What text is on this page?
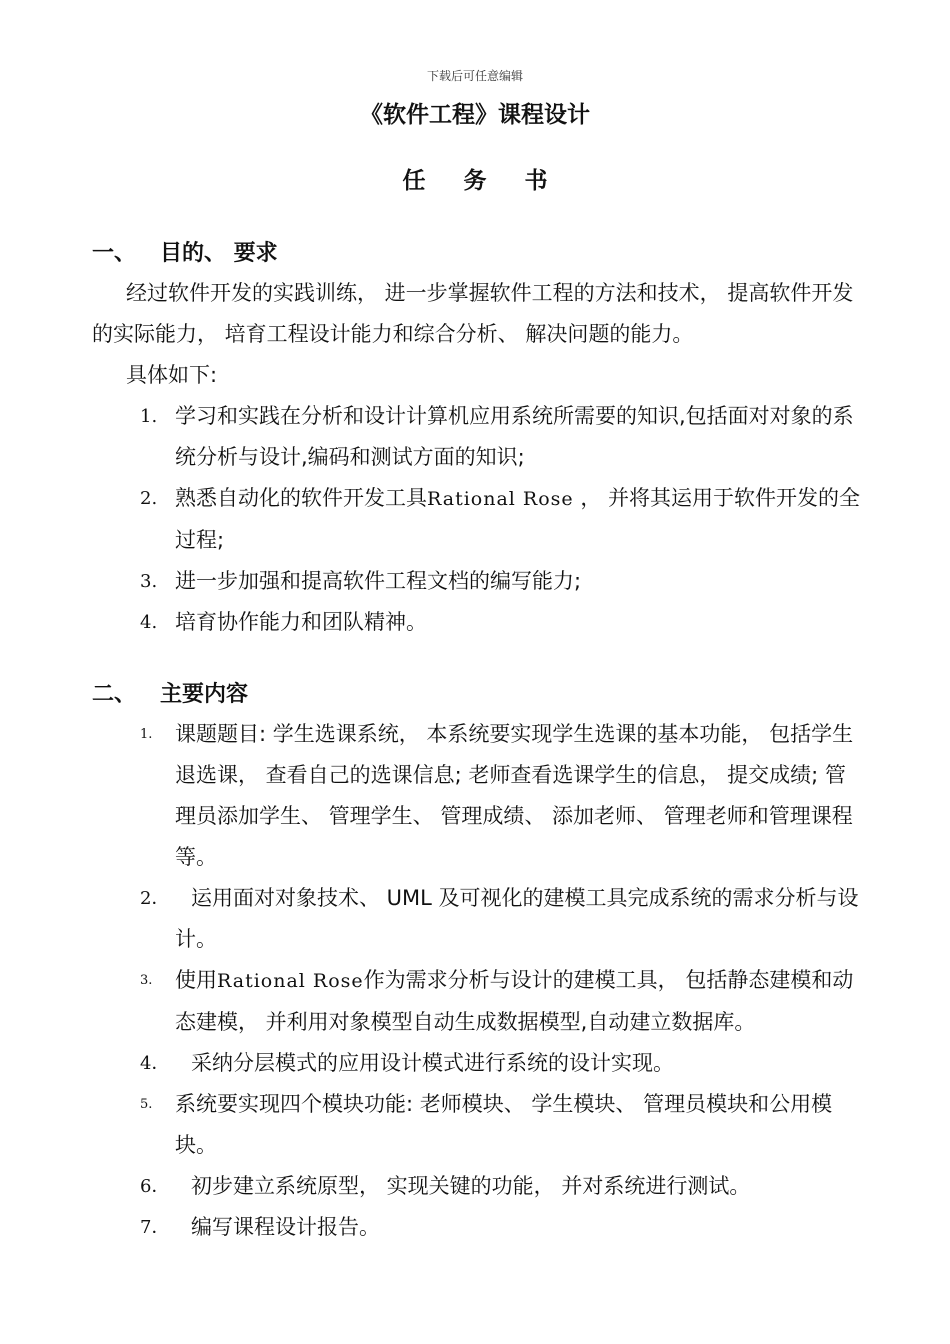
下载后可任意编辑
《软件工程》课程设计
任 务 书
一、 目的、 要求
经过软件开发的实践训练， 进一步掌握软件工程的方法和技术， 提高软件开发的实际能力， 培育工程设计能力和综合分析、 解决问题的能力。
具体如下:
1. 学习和实践在分析和设计计算机应用系统所需要的知识,包括面对对象的系统分析与设计,编码和测试方面的知识;
2. 熟悉自动化的软件开发工具Rational Rose ， 并将其运用于软件开发的全过程;
3. 进一步加强和提高软件工程文档的编写能力;
4. 培育协作能力和团队精神。
二、 主要内容
1. 课题题目: 学生选课系统， 本系统要实现学生选课的基本功能， 包括学生退选课， 查看自己的选课信息; 老师查看选课学生的信息， 提交成绩; 管理员添加学生、 管理学生、 管理成绩、 添加老师、 管理老师和管理课程等。
2． 运用面对对象技术、 UML 及可视化的建模工具完成系统的需求分析与设计。
3. 使用Rational Rose作为需求分析与设计的建模工具， 包括静态建模和动态建模， 并利用对象模型自动生成数据模型,自动建立数据库。
4． 采纳分层模式的应用设计模式进行系统的设计实现。
5. 系统要实现四个模块功能: 老师模块、 学生模块、 管理员模块和公用模块。
6． 初步建立系统原型， 实现关键的功能， 并对系统进行测试。
7． 编写课程设计报告。
